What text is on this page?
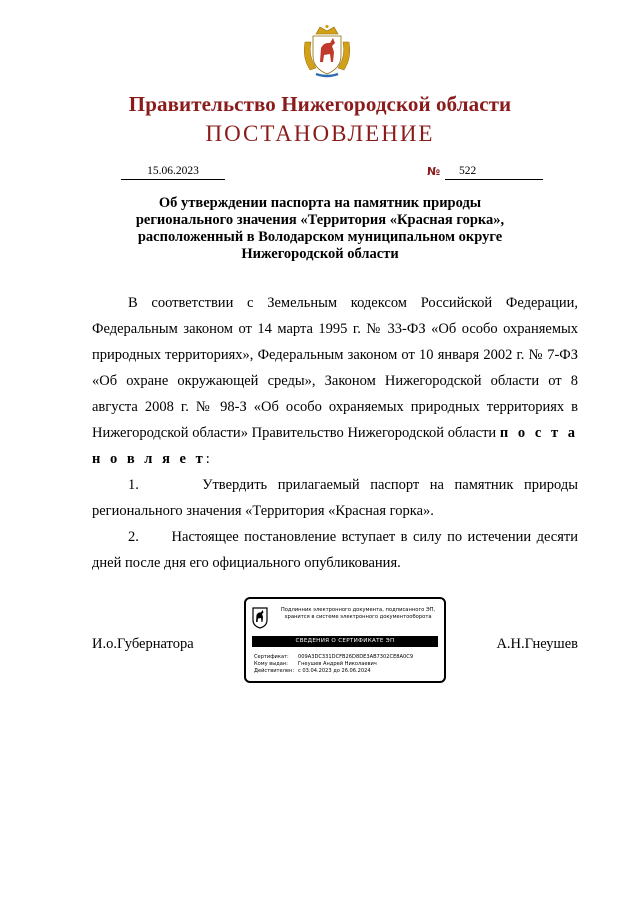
Правительство Нижегородской области
ПОСТАНОВЛЕНИЕ
15.06.2023	№	522
Об утверждении паспорта на памятник природы
регионального значения «Территория «Красная горка»,
расположенный в Володарском муниципальном округе
Нижегородской области

В соответствии с Земельным кодексом Российской Федерации, Федеральным законом от 14 марта 1995 г. № 33-ФЗ «Об особо охраняемых природных территориях», Федеральным законом от 10 января 2002 г. № 7-ФЗ «Об охране окружающей среды», Законом Нижегородской области от 8 августа 2008 г. № 98-З «Об особо охраняемых природных территориях в Нижегородской области» Правительство Нижегородской области п о с т а н о в л я е т:

1.      Утвердить прилагаемый паспорт на памятник природы регионального значения «Территория «Красная горка».

2.      Настоящее постановление вступает в силу по истечении десяти дней после дня его официального опубликования.

И.о.Губернатора	А.Н.Гнеушев
Подлинник электронного документа, подписанного ЭП,
хранится в системе электронного документооборота
СВЕДЕНИЯ О СЕРТИФИКАТЕ ЭП
Сертификат: 009A3DC331DCFB26D8DE3AB7302CE8A0C9
Кому выдан: Гнеушев Андрей Николаевич
Действителен: с 03.04.2023 до 26.06.2024
